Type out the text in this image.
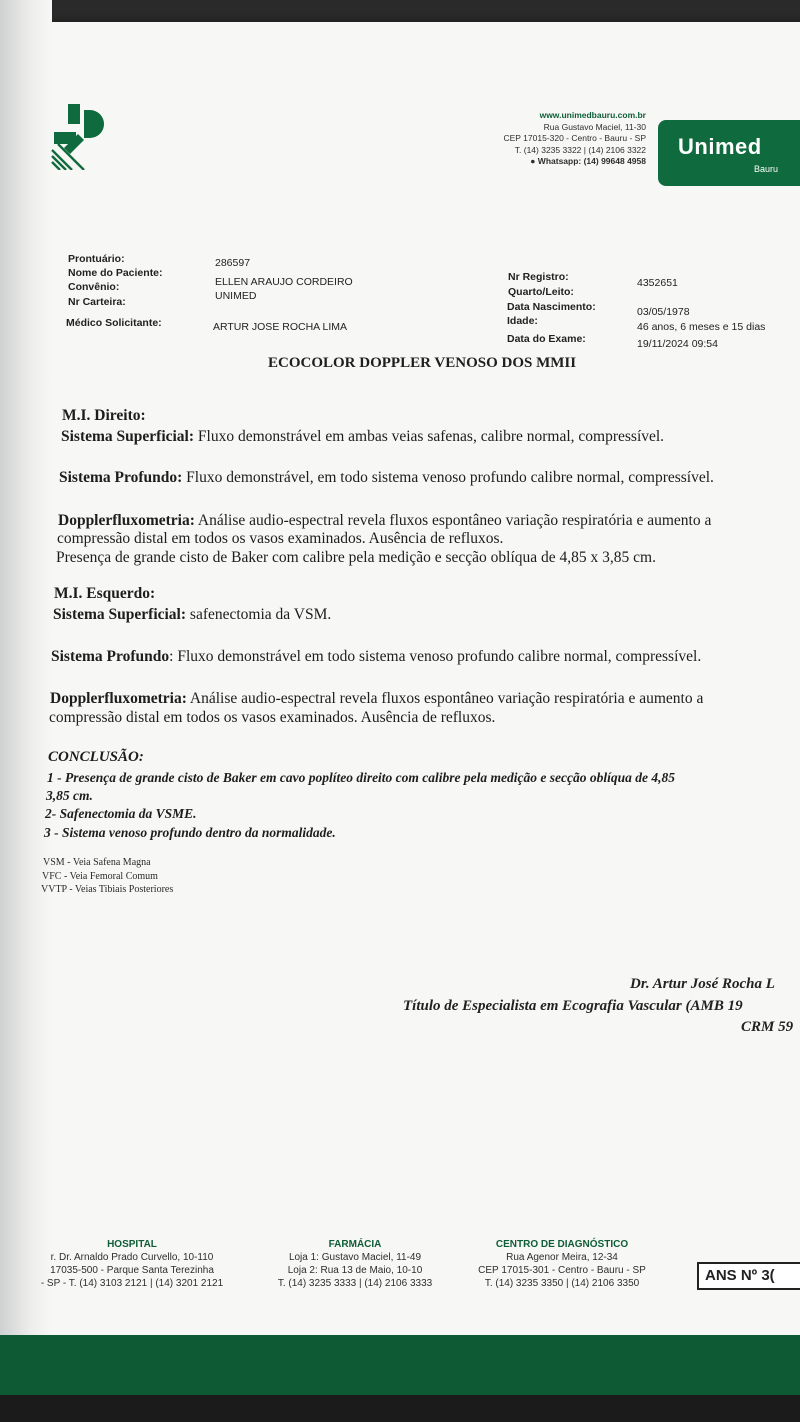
www.unimedbauru.com.br
Rua Gustavo Maciel, 11-30
CEP 17015-320 - Centro - Bauru - SP
T. (14) 3235 3322 | (14) 2106 3322
● Whatsapp: (14) 99648 4958
Unimed
Bauru
Prontuário:	286597
Nome do Paciente:
ELLEN ARAUJO CORDEIRO
Convênio:
UNIMED
Nr Carteira:
Médico Solicitante:	ARTUR JOSE ROCHA LIMA
Nr Registro:	4352651
Quarto/Leito:
Data Nascimento:	03/05/1978
Idade:	46 anos, 6 meses e 15 dias
Data do Exame:	19/11/2024 09:54
ECOCOLOR DOPPLER VENOSO DOS MMII
M.I. Direito:
Sistema Superficial: Fluxo demonstrável em ambas veias safenas, calibre normal, compressível.
Sistema Profundo: Fluxo demonstrável, em todo sistema venoso profundo calibre normal, compressível.
Dopplerfluxometria: Análise audio-espectral revela fluxos espontâneo variação respiratória e aumento a
compressão distal em todos os vasos examinados. Ausência de refluxos.
Presença de grande cisto de Baker com calibre pela medição e secção oblíqua de 4,85 x 3,85 cm.
M.I. Esquerdo:
Sistema Superficial: safenectomia da VSM.
Sistema Profundo: Fluxo demonstrável em todo sistema venoso profundo calibre normal, compressível.
Dopplerfluxometria: Análise audio-espectral revela fluxos espontâneo variação respiratória e aumento a
compressão distal em todos os vasos examinados. Ausência de refluxos.
CONCLUSÃO:
1 - Presença de grande cisto de Baker em cavo poplíteo direito com calibre pela medição e secção oblíqua de 4,85
3,85 cm.
2- Safenectomia da VSME.
3 - Sistema venoso profundo dentro da normalidade.
VSM - Veia Safena Magna
VFC - Veia Femoral Comum
VVTP - Veias Tibiais Posteriores
Dr. Artur José Rocha L
Título de Especialista em Ecografia Vascular (AMB 19
CRM 59
HOSPITAL
r. Dr. Arnaldo Prado Curvello, 10-110
17035-500 - Parque Santa Terezinha
- SP - T. (14) 3103 2121 | (14) 3201 2121
FARMÁCIA
Loja 1: Gustavo Maciel, 11-49
Loja 2: Rua 13 de Maio, 10-10
T. (14) 3235 3333 | (14) 2106 3333
CENTRO DE DIAGNÓSTICO
Rua Agenor Meira, 12-34
CEP 17015-301 - Centro - Bauru - SP
T. (14) 3235 3350 | (14) 2106 3350	ANS Nº 3(
